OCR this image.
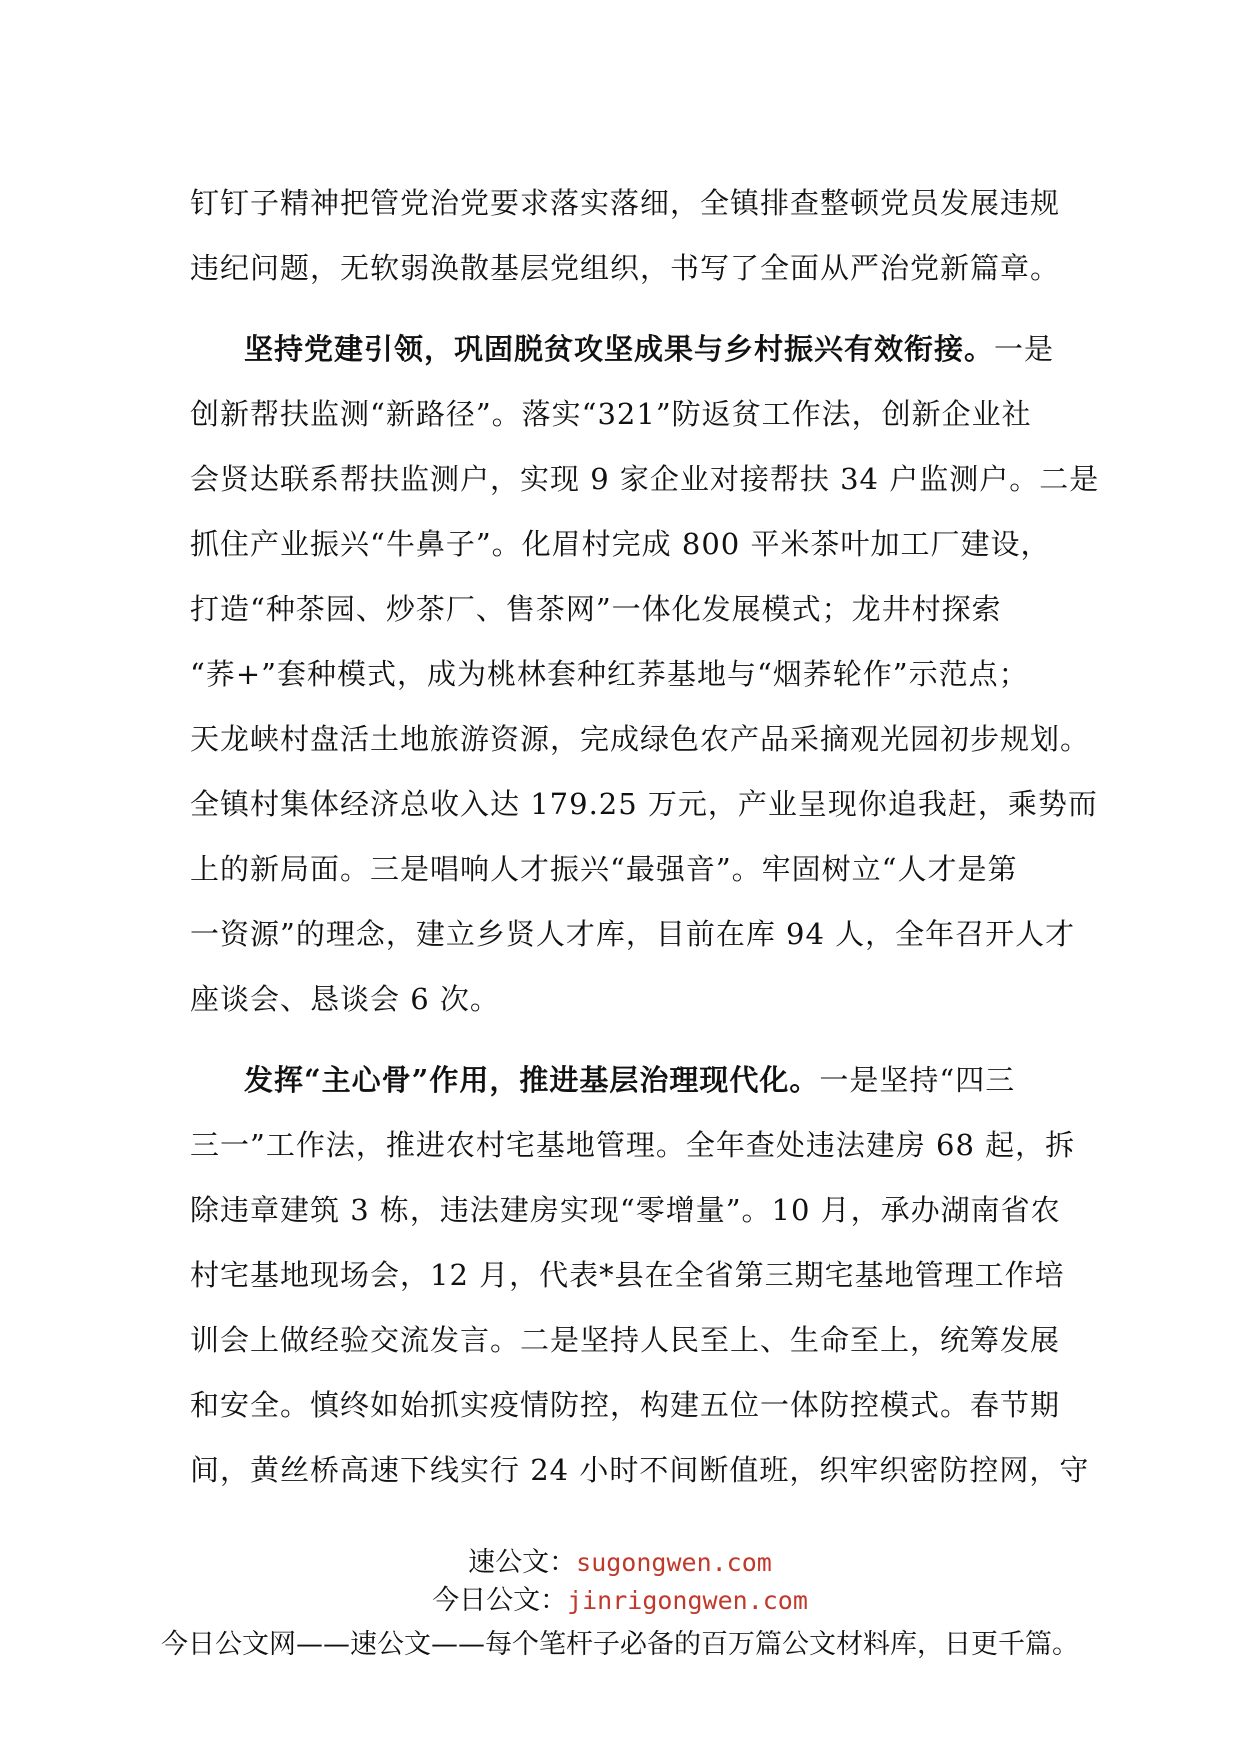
钉钉子精神把管党治党要求落实落细，全镇排查整顿党员发展违规
违纪问题，无软弱涣散基层党组织，书写了全面从严治党新篇章。
坚持党建引领，巩固脱贫攻坚成果与乡村振兴有效衔接。一是
创新帮扶监测“新路径”。落实“321”防返贫工作法，创新企业社
会贤达联系帮扶监测户，实现 9 家企业对接帮扶 34 户监测户。二是
抓住产业振兴“牛鼻子”。化眉村完成 800 平米茶叶加工厂建设，
打造“种茶园、炒茶厂、售茶网”一体化发展模式；龙井村探索
“荞+”套种模式，成为桃林套种红荞基地与“烟荞轮作”示范点；
天龙峡村盘活土地旅游资源，完成绿色农产品采摘观光园初步规划。
全镇村集体经济总收入达 179.25 万元，产业呈现你追我赶，乘势而
上的新局面。三是唱响人才振兴“最强音”。牢固树立“人才是第
一资源”的理念，建立乡贤人才库，目前在库 94 人，全年召开人才
座谈会、恳谈会 6 次。
发挥“主心骨”作用，推进基层治理现代化。一是坚持“四三
三一”工作法，推进农村宅基地管理。全年查处违法建房 68 起，拆
除违章建筑 3 栋，违法建房实现“零增量”。10 月，承办湖南省农
村宅基地现场会，12 月，代表*县在全省第三期宅基地管理工作培
训会上做经验交流发言。二是坚持人民至上、生命至上，统筹发展
和安全。慎终如始抓实疫情防控，构建五位一体防控模式。春节期
间，黄丝桥高速下线实行 24 小时不间断值班，织牢织密防控网，守
速公文：sugongwen.com
今日公文：jinrigongwen.com
今日公文网——速公文——每个笔杆子必备的百万篇公文材料库，日更千篇。
